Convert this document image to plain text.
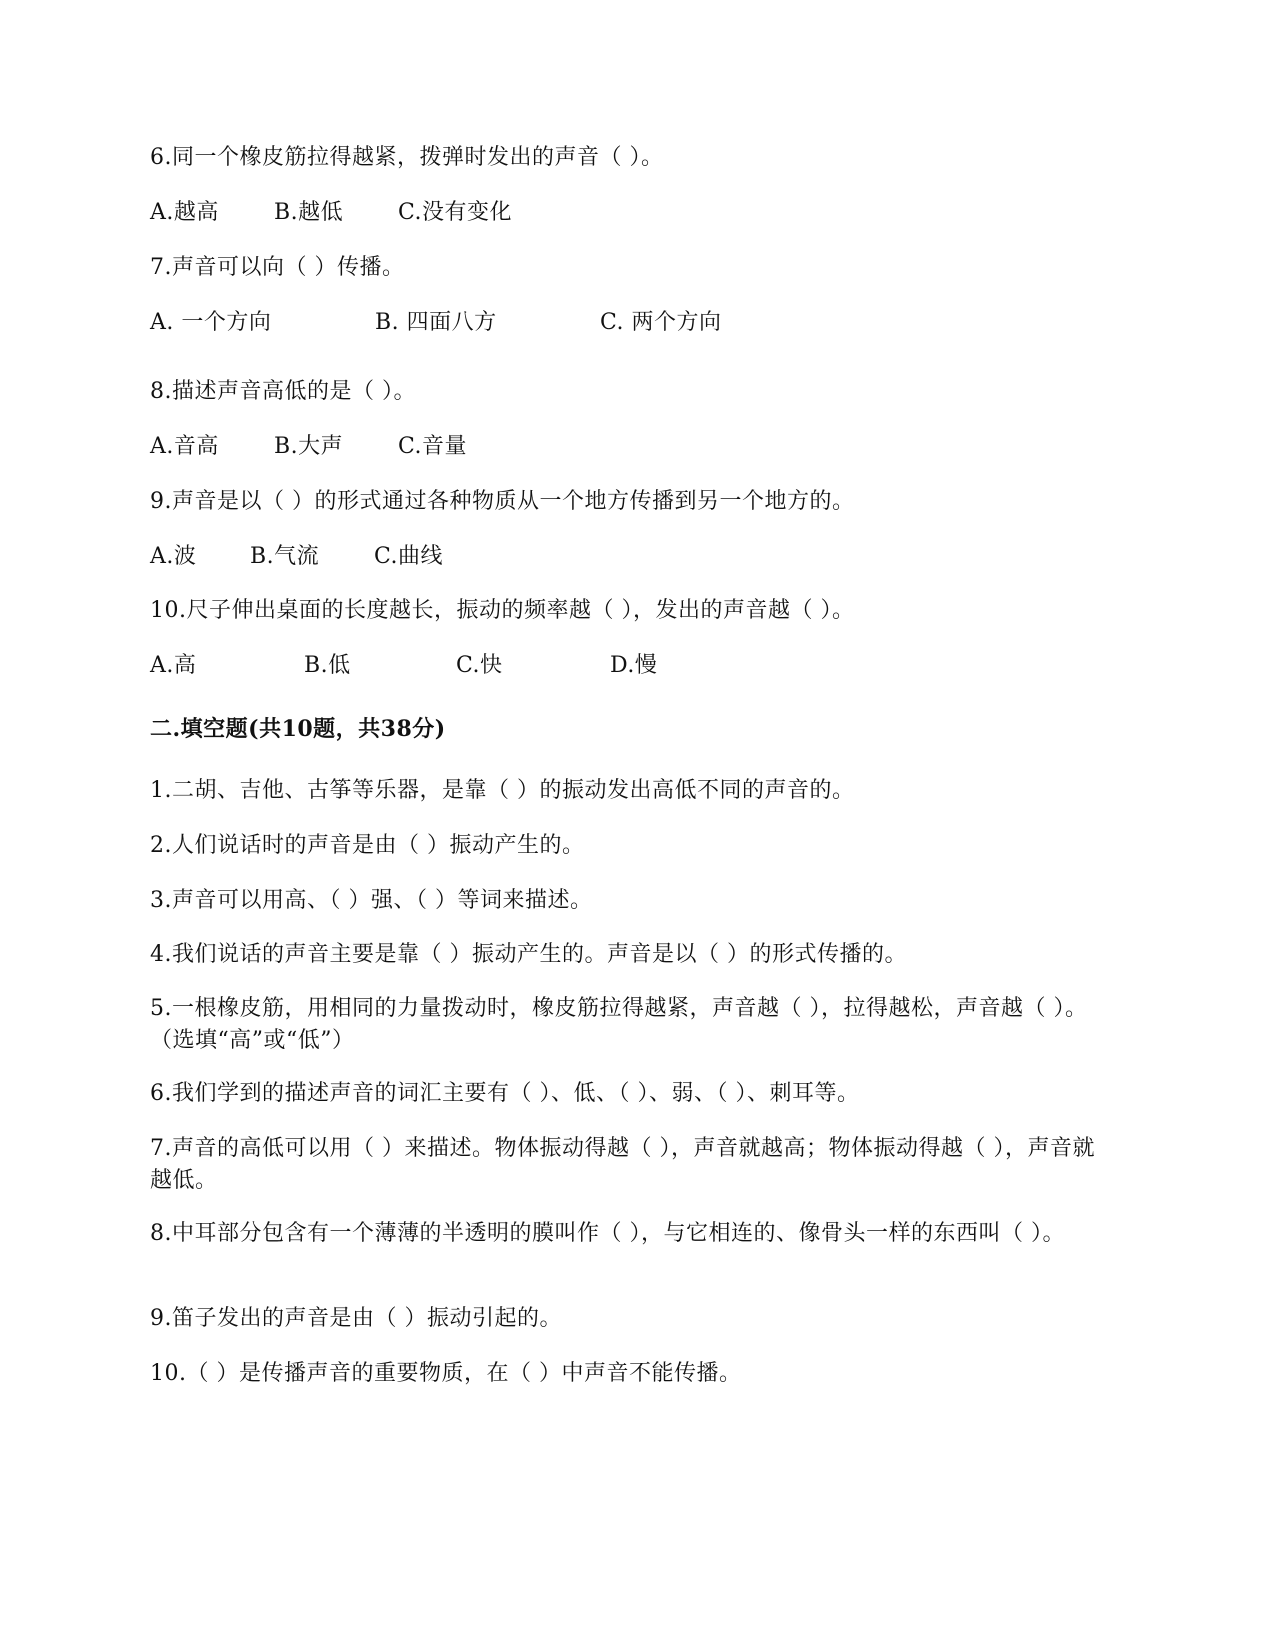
6.同一个橡皮筋拉得越紧，拨弹时发出的声音（ ）。
A.越高	B.越低 C.没有变化
7.声音可以向（ ）传播。
A. 一个方向	B. 四面八方	C. 两个方向
8.描述声音高低的是（ ）。
A.音高	B.大声 C.音量
9.声音是以（ ）的形式通过各种物质从一个地方传播到另一个地方的。
A.波 B.气流 C.曲线
10.尺子伸出桌面的长度越长，振动的频率越（ ），发出的声音越（ ）。
A.高	B.低	C.快	D.慢
二.填空题(共10题，共38分)
1.二胡、吉他、古筝等乐器，是靠（ ）的振动发出高低不同的声音的。
2.人们说话时的声音是由（ ）振动产生的。
3.声音可以用高、（ ）强、（ ）等词来描述。
4.我们说话的声音主要是靠（ ）振动产生的。声音是以（ ）的形式传播的。
5.一根橡皮筋，用相同的力量拨动时，橡皮筋拉得越紧，声音越（ ），拉得越松，声音越（ ）。（选填“高”或“低”）
6.我们学到的描述声音的词汇主要有（ ）、低、（ ）、弱、（ ）、刺耳等。
7.声音的高低可以用（ ）来描述。物体振动得越（ ），声音就越高；物体振动得越（ ），声音就越低。
8.中耳部分包含有一个薄薄的半透明的膜叫作（ ），与它相连的、像骨头一样的东西叫（ ）。
9.笛子发出的声音是由（ ）振动引起的。
10.（ ）是传播声音的重要物质，在（ ）中声音不能传播。
